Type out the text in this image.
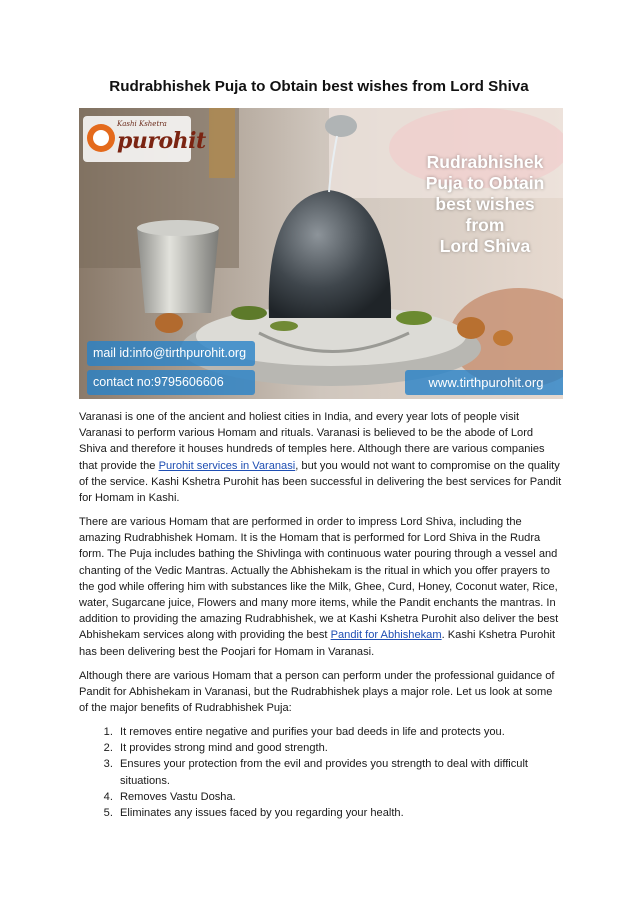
Rudrabhishek Puja to Obtain best wishes from Lord Shiva
Kashi Kshetra
purohit
Rudrabhishek
Puja to Obtain
best wishes
from
Lord Shiva
mail id:info@tirthpurohit.org
contact no:9795606606	www.tirthpurohit.org

Varanasi is one of the ancient and holiest cities in India, and every year lots of people visit Varanasi to perform various Homam and rituals. Varanasi is believed to be the abode of Lord Shiva and therefore it houses hundreds of temples here. Although there are various companies that provide the Purohit services in Varanasi, but you would not want to compromise on the quality of the service. Kashi Kshetra Purohit has been successful in delivering the best services for Pandit for Homam in Kashi.

There are various Homam that are performed in order to impress Lord Shiva, including the amazing Rudrabhishek Homam. It is the Homam that is performed for Lord Shiva in the Rudra form. The Puja includes bathing the Shivlinga with continuous water pouring through a vessel and chanting of the Vedic Mantras. Actually the Abhishekam is the ritual in which you offer prayers to the god while offering him with substances like the Milk, Ghee, Curd, Honey, Coconut water, Rice, water, Sugarcane juice, Flowers and many more items, while the Pandit enchants the mantras. In addition to providing the amazing Rudrabhishek, we at Kashi Kshetra Purohit also deliver the best Abhishekam services along with providing the best Pandit for Abhishekam. Kashi Kshetra Purohit has been delivering best the Poojari for Homam in Varanasi.

Although there are various Homam that a person can perform under the professional guidance of Pandit for Abhishekam in Varanasi, but the Rudrabhishek plays a major role. Let us look at some of the major benefits of Rudrabhishek Puja:

1. It removes entire negative and purifies your bad deeds in life and protects you.
2. It provides strong mind and good strength.
3. Ensures your protection from the evil and provides you strength to deal with difficult situations.
4. Removes Vastu Dosha.
5. Eliminates any issues faced by you regarding your health.
